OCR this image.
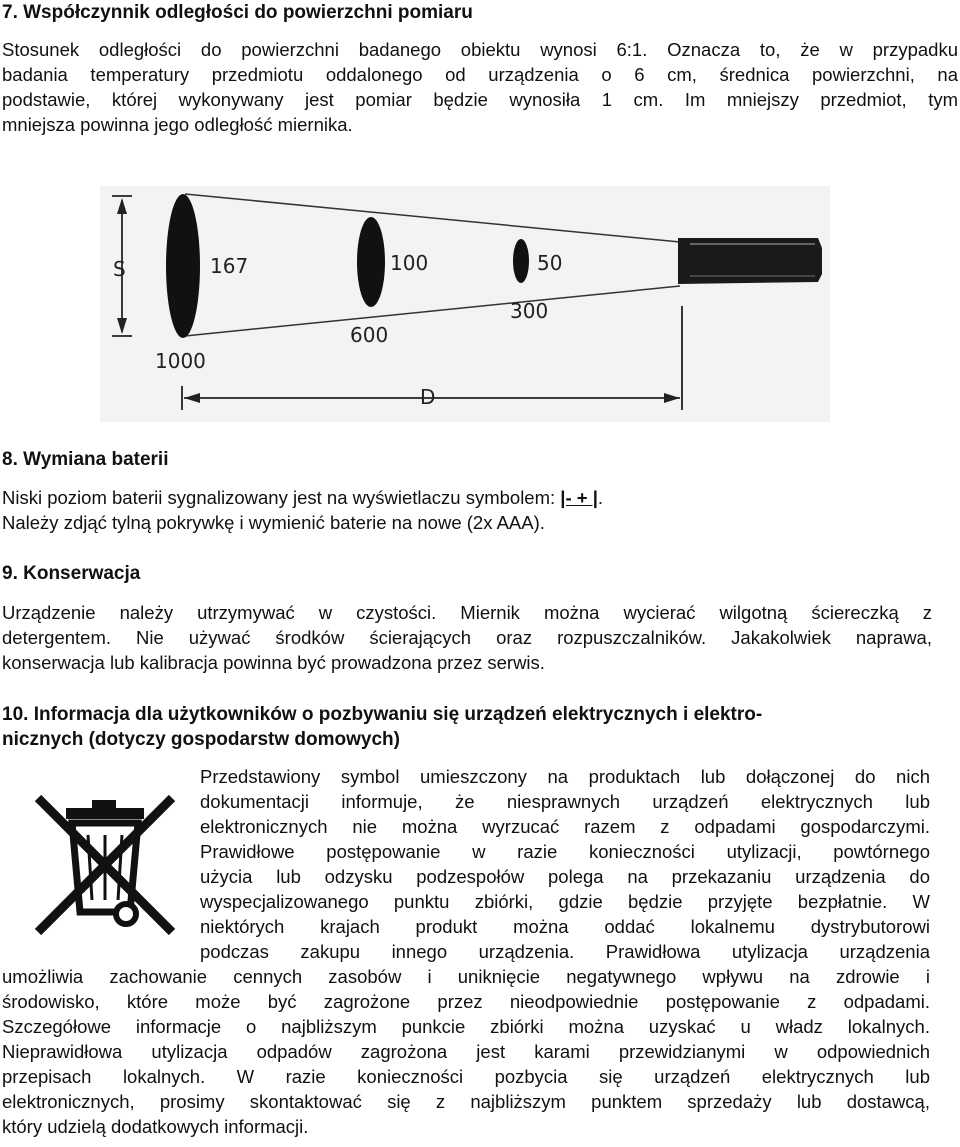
7. Współczynnik odległości do powierzchni pomiaru
Stosunek odległości do powierzchni badanego obiektu wynosi 6:1. Oznacza to, że w przypadku
badania temperatury przedmiotu oddalonego od urządzenia o 6 cm, średnica powierzchni, na
podstawie, której wykonywany jest pomiar będzie wynosiła 1 cm. Im mniejszy przedmiot, tym
mniejsza powinna jego odległość miernika.
S	167	100	50
300
600
1000
D
8. Wymiana baterii
Niski poziom baterii sygnalizowany jest na wyświetlaczu symbolem: |- + |.
Należy zdjąć tylną pokrywkę i wymienić baterie na nowe (2x AAA).
9. Konserwacja
Urządzenie należy utrzymywać w czystości. Miernik można wycierać wilgotną ściereczką z
detergentem. Nie używać środków ścierających oraz rozpuszczalników. Jakakolwiek naprawa,
konserwacja lub kalibracja powinna być prowadzona przez serwis.
10. Informacja dla użytkowników o pozbywaniu się urządzeń elektrycznych i elektro-
nicznych (dotyczy gospodarstw domowych)
Przedstawiony symbol umieszczony na produktach lub dołączonej do nich
dokumentacji informuje, że niesprawnych urządzeń elektrycznych lub
elektronicznych nie można wyrzucać razem z odpadami gospodarczymi.
Prawidłowe postępowanie w razie konieczności utylizacji, powtórnego
użycia lub odzysku podzespołów polega na przekazaniu urządzenia do
wyspecjalizowanego punktu zbiórki, gdzie będzie przyjęte bezpłatnie. W
niektórych krajach produkt można oddać lokalnemu dystrybutorowi
podczas zakupu innego urządzenia. Prawidłowa utylizacja urządzenia
umożliwia zachowanie cennych zasobów i uniknięcie negatywnego wpływu na zdrowie i
środowisko, które może być zagrożone przez nieodpowiednie postępowanie z odpadami.
Szczegółowe informacje o najbliższym punkcie zbiórki można uzyskać u władz lokalnych.
Nieprawidłowa utylizacja odpadów zagrożona jest karami przewidzianymi w odpowiednich
przepisach lokalnych. W razie konieczności pozbycia się urządzeń elektrycznych lub
elektronicznych, prosimy skontaktować się z najbliższym punktem sprzedaży lub dostawcą,
który udzielą dodatkowych informacji.
